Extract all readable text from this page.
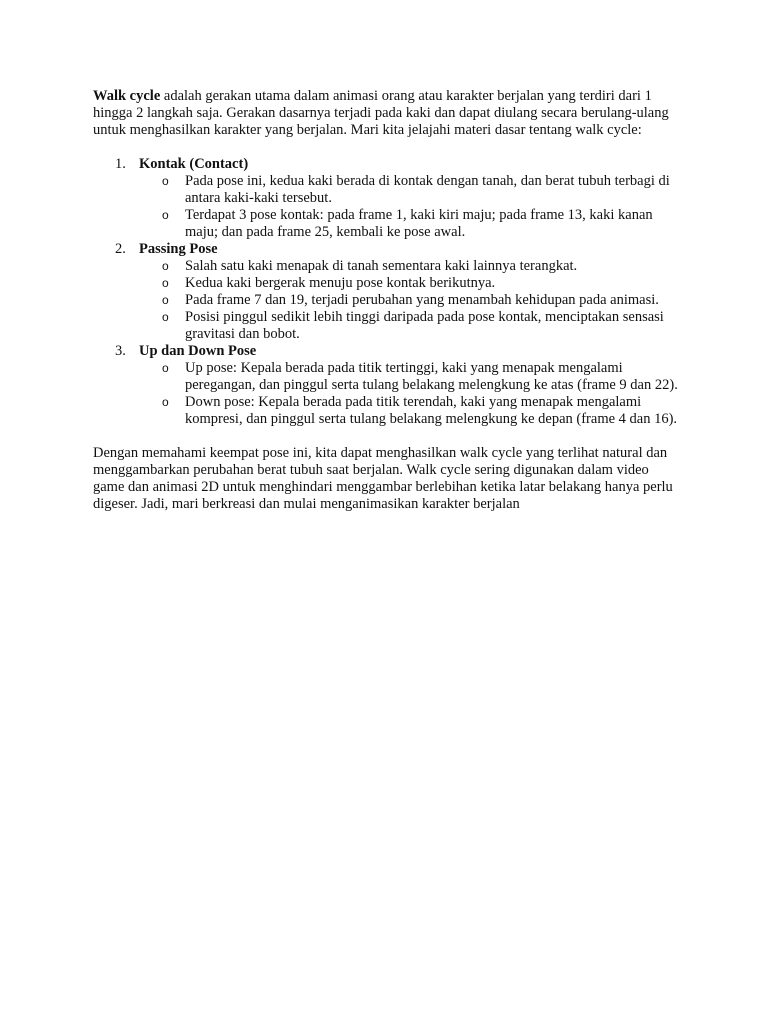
Walk cycle adalah gerakan utama dalam animasi orang atau karakter berjalan yang terdiri dari 1 hingga 2 langkah saja. Gerakan dasarnya terjadi pada kaki dan dapat diulang secara berulang-ulang untuk menghasilkan karakter yang berjalan. Mari kita jelajahi materi dasar tentang walk cycle:

1. Kontak (Contact)
o Pada pose ini, kedua kaki berada di kontak dengan tanah, dan berat tubuh terbagi di antara kaki-kaki tersebut.
o Terdapat 3 pose kontak: pada frame 1, kaki kiri maju; pada frame 13, kaki kanan maju; dan pada frame 25, kembali ke pose awal.
2. Passing Pose
o Salah satu kaki menapak di tanah sementara kaki lainnya terangkat.
o Kedua kaki bergerak menuju pose kontak berikutnya.
o Pada frame 7 dan 19, terjadi perubahan yang menambah kehidupan pada animasi.
o Posisi pinggul sedikit lebih tinggi daripada pada pose kontak, menciptakan sensasi gravitasi dan bobot.
3. Up dan Down Pose
o Up pose: Kepala berada pada titik tertinggi, kaki yang menapak mengalami peregangan, dan pinggul serta tulang belakang melengkung ke atas (frame 9 dan 22).
o Down pose: Kepala berada pada titik terendah, kaki yang menapak mengalami kompresi, dan pinggul serta tulang belakang melengkung ke depan (frame 4 dan 16).

Dengan memahami keempat pose ini, kita dapat menghasilkan walk cycle yang terlihat natural dan menggambarkan perubahan berat tubuh saat berjalan. Walk cycle sering digunakan dalam video game dan animasi 2D untuk menghindari menggambar berlebihan ketika latar belakang hanya perlu digeser. Jadi, mari berkreasi dan mulai menganimasikan karakter berjalan
